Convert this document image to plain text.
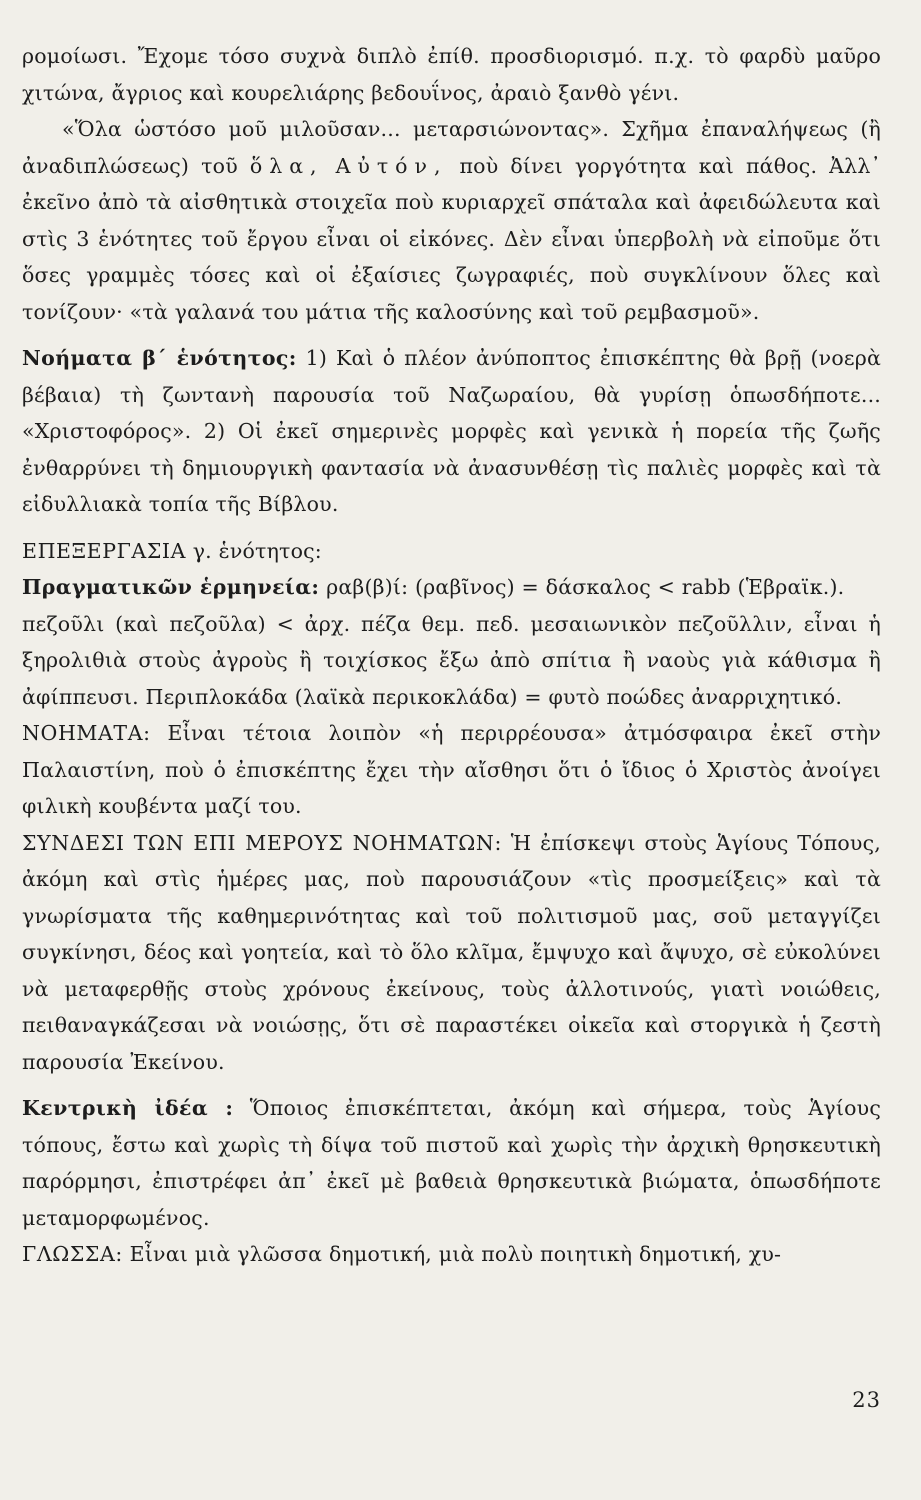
ρομοίωσι. Ἔχομε τόσο συχνὰ διπλὸ ἐπίθ. προσδιορισμό. π.χ. τὸ φαρδὺ μαῦρο χιτώνα, ἄγριος καὶ κουρελιάρης βεδουΐνος, ἀραιὸ ξανθὸ γένι.

«Ὅλα ὡστόσο μοῦ μιλοῦσαν... μεταρσιώνοντας». Σχῆμα ἐπαναλήψεως (ἢ ἀναδιπλώσεως) τοῦ ὅλα, Αὐτόν, ποὺ δίνει γοργότητα καὶ πάθος. Ἀλλ᾽ ἐκεῖνο ἀπὸ τὰ αἰσθητικὰ στοιχεῖα ποὺ κυριαρχεῖ σπάταλα καὶ ἀφειδώλευτα καὶ στὶς 3 ἑνότητες τοῦ ἔργου εἶναι οἱ εἰκόνες. Δὲν εἶναι ὑπερβολὴ νὰ εἰποῦμε ὅτι ὅσες γραμμὲς τόσες καὶ οἱ ἐξαίσιες ζωγραφιές, ποὺ συγκλίνουν ὅλες καὶ τονίζουν· «τὰ γαλανά του μάτια τῆς καλοσύνης καὶ τοῦ ρεμβασμοῦ».

Νοήματα β΄ ἑνότητος: 1) Καὶ ὁ πλέον ἀνύποπτος ἐπισκέπτης θὰ βρῇ (νοερὰ βέβαια) τὴ ζωντανὴ παρουσία τοῦ Ναζωραίου, θὰ γυρίσῃ ὁπωσδήποτε... «Χριστοφόρος». 2) Οἱ ἐκεῖ σημερινὲς μορφὲς καὶ γενικὰ ἡ πορεία τῆς ζωῆς ἐνθαρρύνει τὴ δημιουργικὴ φαντασία νὰ ἀνασυνθέσῃ τὶς παλιὲς μορφὲς καὶ τὰ εἰδυλλιακὰ τοπία τῆς Βίβλου.

ΕΠΕΞΕΡΓΑΣΙΑ γ. ἑνότητος:

Πραγματικῶν ἑρμηνεία: ραβ(β)ί: (ραβῖνος) = δάσκαλος < rabb (Ἑβραϊκ.).

πεζοῦλι (καὶ πεζοῦλα) < ἀρχ. πέζα θεμ. πεδ. μεσαιωνικὸν πεζοῦλλιν, εἶναι ἡ ξηρολιθιὰ στοὺς ἀγροὺς ἢ τοιχίσκος ἔξω ἀπὸ σπίτια ἢ ναοὺς γιὰ κάθισμα ἢ ἀφίππευσι. Περιπλοκάδα (λαϊκὰ περικοκλάδα) = φυτὸ ποώδες ἀναρριχητικό.

ΝΟΗΜΑΤΑ: Εἶναι τέτοια λοιπὸν «ἡ περιρρέουσα» ἀτμόσφαιρα ἐκεῖ στὴν Παλαιστίνη, ποὺ ὁ ἐπισκέπτης ἔχει τὴν αἴσθησι ὅτι ὁ ἴδιος ὁ Χριστὸς ἀνοίγει φιλικὴ κουβέντα μαζί του.

ΣΥΝΔΕΣΙ ΤΩΝ ΕΠΙ ΜΕΡΟΥΣ ΝΟΗΜΑΤΩΝ: Ἡ ἐπίσκεψι στοὺς Ἁγίους Τόπους, ἀκόμη καὶ στὶς ἡμέρες μας, ποὺ παρουσιάζουν «τὶς προσμείξεις» καὶ τὰ γνωρίσματα τῆς καθημερινότητας καὶ τοῦ πολιτισμοῦ μας, σοῦ μεταγγίζει συγκίνησι, δέος καὶ γοητεία, καὶ τὸ ὅλο κλῖμα, ἔμψυχο καὶ ἄψυχο, σὲ εὐκολύνει νὰ μεταφερθῇς στοὺς χρόνους ἐκείνους, τοὺς ἀλλοτινούς, γιατὶ νοιώθεις, πειθαναγκάζεσαι νὰ νοιώσῃς, ὅτι σὲ παραστέκει οἰκεῖα καὶ στοργικὰ ἡ ζεστὴ παρουσία Ἐκείνου.

Κεντρικὴ ἰδέα : Ὅποιος ἐπισκέπτεται, ἀκόμη καὶ σήμερα, τοὺς Ἁγίους τόπους, ἔστω καὶ χωρὶς τὴ δίψα τοῦ πιστοῦ καὶ χωρὶς τὴν ἀρχικὴ θρησκευτικὴ παρόρμησι, ἐπιστρέφει ἀπ᾽ ἐκεῖ μὲ βαθειὰ θρησκευτικὰ βιώματα, ὁπωσδήποτε μεταμορφωμένος.

ΓΛΩΣΣΑ: Εἶναι μιὰ γλῶσσα δημοτική, μιὰ πολὺ ποιητικὴ δημοτική, χυ-

23
